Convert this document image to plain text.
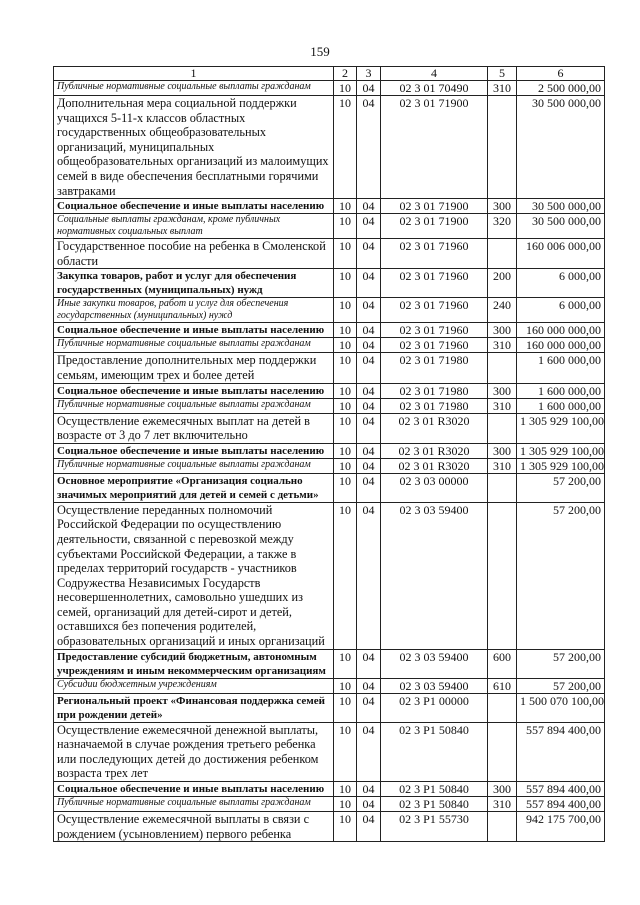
159
1	2	3	4	5	6
Публичные нормативные социальные выплаты гражданам	10	04	02 3 01 70490	310	2 500 000,00
Дополнительная мера социальной поддержки учащихся 5-11-х классов областных государственных общеобразовательных организаций, муниципальных общеобразовательных организаций из малоимущих семей в виде обеспечения бесплатными горячими завтраками	10	04	02 3 01 71900		30 500 000,00
Социальное обеспечение и иные выплаты населению	10	04	02 3 01 71900	300	30 500 000,00
Социальные выплаты гражданам, кроме публичных нормативных социальных выплат	10	04	02 3 01 71900	320	30 500 000,00
Государственное пособие на ребенка в Смоленской области	10	04	02 3 01 71960		160 006 000,00
Закупка товаров, работ и услуг для обеспечения государственных (муниципальных) нужд	10	04	02 3 01 71960	200	6 000,00
Иные закупки товаров, работ и услуг для обеспечения государственных (муниципальных) нужд	10	04	02 3 01 71960	240	6 000,00
Социальное обеспечение и иные выплаты населению	10	04	02 3 01 71960	300	160 000 000,00
Публичные нормативные социальные выплаты гражданам	10	04	02 3 01 71960	310	160 000 000,00
Предоставление дополнительных мер поддержки семьям, имеющим трех и более детей	10	04	02 3 01 71980		1 600 000,00
Социальное обеспечение и иные выплаты населению	10	04	02 3 01 71980	300	1 600 000,00
Публичные нормативные социальные выплаты гражданам	10	04	02 3 01 71980	310	1 600 000,00
Осуществление ежемесячных выплат на детей в возрасте от 3 до 7 лет включительно	10	04	02 3 01 R3020		1 305 929 100,00
Социальное обеспечение и иные выплаты населению	10	04	02 3 01 R3020	300	1 305 929 100,00
Публичные нормативные социальные выплаты гражданам	10	04	02 3 01 R3020	310	1 305 929 100,00
Основное мероприятие «Организация социально значимых мероприятий для детей и семей с детьми»	10	04	02 3 03 00000		57 200,00
Осуществление переданных полномочий Российской Федерации по осуществлению деятельности, связанной с перевозкой между субъектами Российской Федерации, а также в пределах территорий государств - участников Содружества Независимых Государств несовершеннолетних, самовольно ушедших из семей, организаций для детей-сирот и детей, оставшихся без попечения родителей, образовательных организаций и иных организаций	10	04	02 3 03 59400		57 200,00
Предоставление субсидий бюджетным, автономным учреждениям и иным некоммерческим организациям	10	04	02 3 03 59400	600	57 200,00
Субсидии бюджетным учреждениям	10	04	02 3 03 59400	610	57 200,00
Региональный проект «Финансовая поддержка семей при рождении детей»	10	04	02 3 P1 00000		1 500 070 100,00
Осуществление ежемесячной денежной выплаты, назначаемой в случае рождения третьего ребенка или последующих детей до достижения ребенком возраста трех лет	10	04	02 3 P1 50840		557 894 400,00
Социальное обеспечение и иные выплаты населению	10	04	02 3 P1 50840	300	557 894 400,00
Публичные нормативные социальные выплаты гражданам	10	04	02 3 P1 50840	310	557 894 400,00
Осуществление ежемесячной выплаты в связи с рождением (усыновлением) первого ребенка	10	04	02 3 P1 55730		942 175 700,00
